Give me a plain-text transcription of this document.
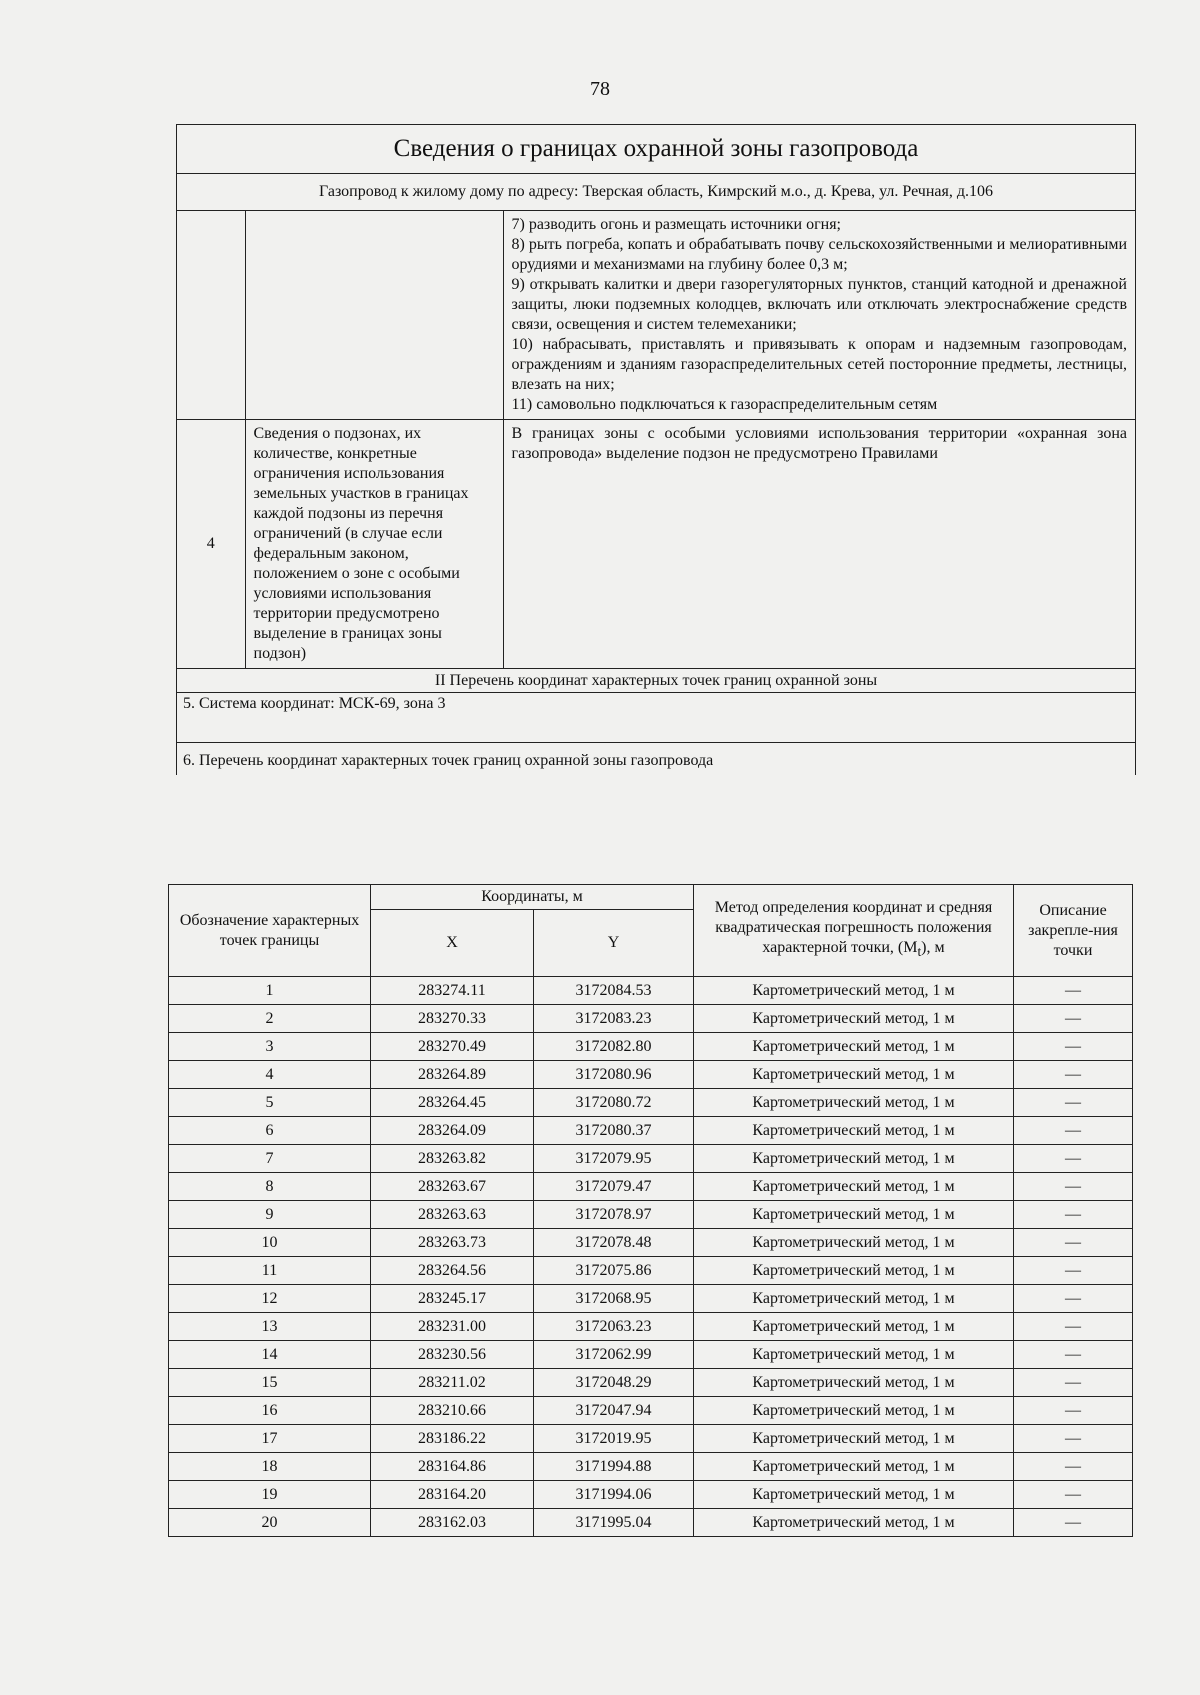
78
Сведения о границах охранной зоны газопровода
Газопровод к жилому дому по адресу: Тверская область, Кимрский м.о., д. Крева, ул. Речная, д.106

		7) разводить огонь и размещать источники огня;

8) рыть погреба, копать и обрабатывать почву сельскохозяйственными и мелиоративными орудиями и механизмами на глубину более 0,3 м;

9) открывать калитки и двери газорегуляторных пунктов, станций катодной и дренажной защиты, люки подземных колодцев, включать или отключать электроснабжение средств связи, освещения и систем телемеханики;

10) набрасывать, приставлять и привязывать к опорам и надземным газопроводам, ограждениям и зданиям газораспределительных сетей посторонние предметы, лестницы, влезать на них;

11) самовольно подключаться к газораспределительным сетям

4	Сведения о подзонах, их количестве, конкретные ограничения использования земельных участков в границах каждой подзоны из перечня ограничений (в случае если федеральным законом, положением о зоне с особыми условиями использования территории предусмотрено выделение в границах зоны подзон)	В границах зоны с особыми условиями использования территории «охранная зона газопровода» выделение подзон не предусмотрено Правилами
II Перечень координат характерных точек границ охранной зоны
5. Система координат: МСК-69, зона 3
6. Перечень координат характерных точек границ охранной зоны газопровода
Обозначение характерных точек границы	Координаты, м		Метод определения координат и средняя квадратическая погрешность положения характерной точки, $(M_t)$, м	Описание закрепле-ния точки
	X	Y		
1	283274.11	3172084.53	Картометрический метод, 1 м	—
2	283270.33	3172083.23	Картометрический метод, 1 м	—
3	283270.49	3172082.80	Картометрический метод, 1 м	—
4	283264.89	3172080.96	Картометрический метод, 1 м	—
5	283264.45	3172080.72	Картометрический метод, 1 м	—
6	283264.09	3172080.37	Картометрический метод, 1 м	—
7	283263.82	3172079.95	Картометрический метод, 1 м	—
8	283263.67	3172079.47	Картометрический метод, 1 м	—
9	283263.63	3172078.97	Картометрический метод, 1 м	—
10	283263.73	3172078.48	Картометрический метод, 1 м	—
11	283264.56	3172075.86	Картометрический метод, 1 м	—
12	283245.17	3172068.95	Картометрический метод, 1 м	—
13	283231.00	3172063.23	Картометрический метод, 1 м	—
14	283230.56	3172062.99	Картометрический метод, 1 м	—
15	283211.02	3172048.29	Картометрический метод, 1 м	—
16	283210.66	3172047.94	Картометрический метод, 1 м	—
17	283186.22	3172019.95	Картометрический метод, 1 м	—
18	283164.86	3171994.88	Картометрический метод, 1 м	—
19	283164.20	3171994.06	Картометрический метод, 1 м	—
20	283162.03	3171995.04	Картометрический метод, 1 м	—
